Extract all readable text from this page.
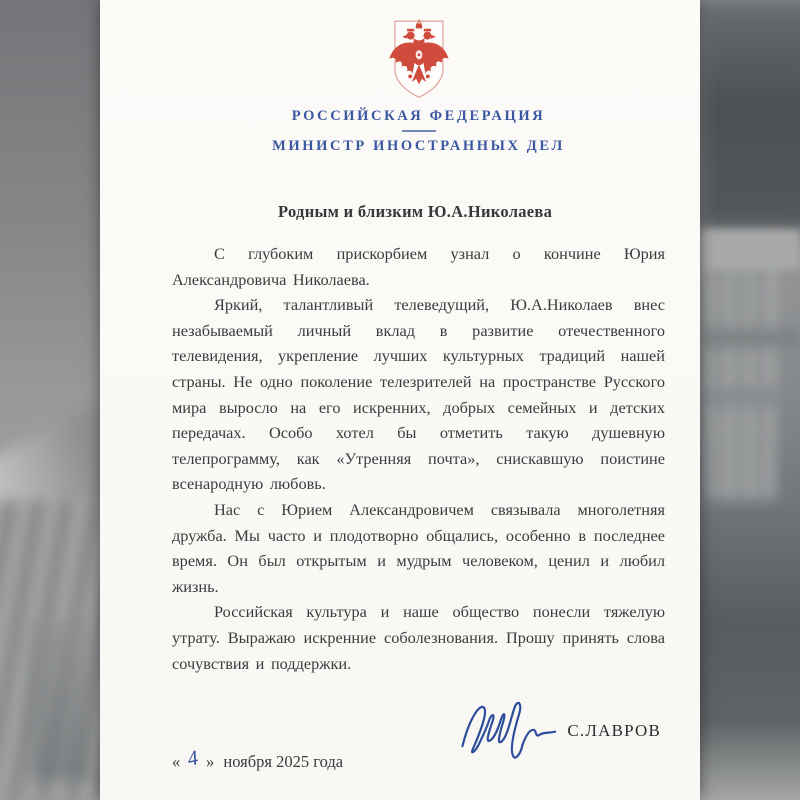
РОССИЙСКАЯ ФЕДЕРАЦИЯ
МИНИСТР ИНОСТРАННЫХ ДЕЛ
Родным и близким Ю.А.Николаева

С глубоким прискорбием узнал о кончине Юрия Александровича Николаева.

Яркий, талантливый телеведущий, Ю.А.Николаев внес незабываемый личный вклад в развитие отечественного телевидения, укрепление лучших культурных традиций нашей страны. Не одно поколение телезрителей на пространстве Русского мира выросло на его искренних, добрых семейных и детских передачах. Особо хотел бы отметить такую душевную телепрограмму, как «Утренняя почта», снискавшую поистине всенародную любовь.

Нас с Юрием Александровичем связывала многолетняя дружба. Мы часто и плодотворно общались, особенно в последнее время. Он был открытым и мудрым человеком, ценил и любил жизнь.

Российская культура и наше общество понесли тяжелую утрату. Выражаю искренние соболезнования. Прошу принять слова сочувствия и поддержки.

С.ЛАВРОВ
« 4 » ноября 2025 года
